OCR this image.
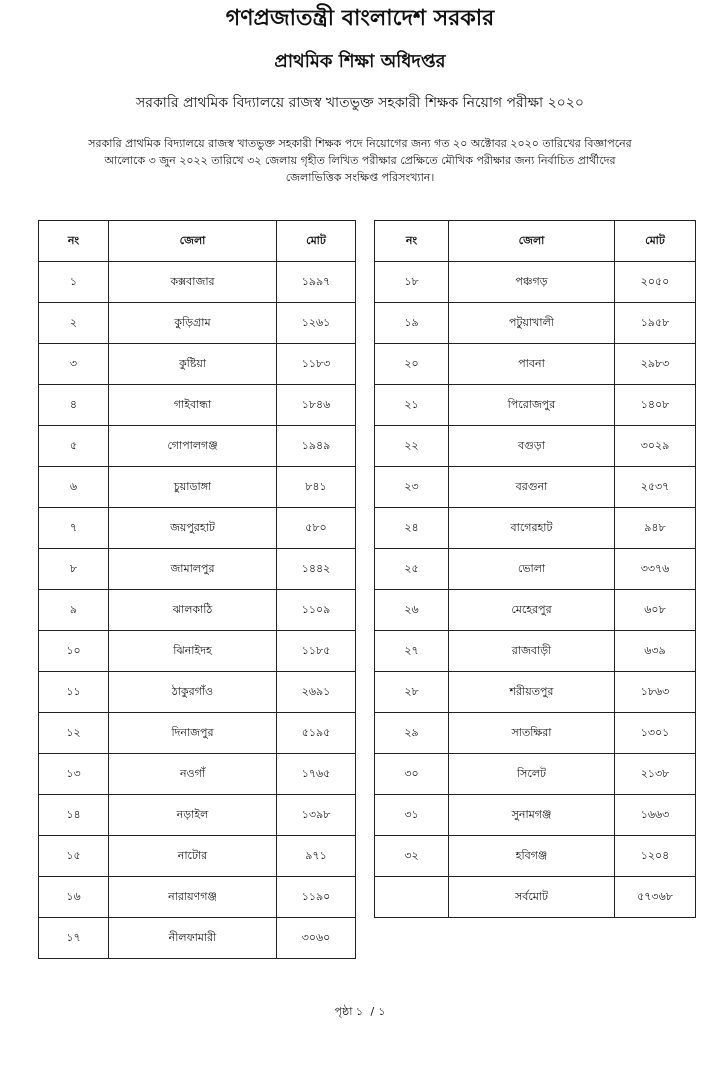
গণপ্রজাতন্ত্রী বাংলাদেশ সরকার
প্রাথমিক শিক্ষা অধিদপ্তর
সরকারি প্রাথমিক বিদ্যালয়ে রাজস্ব খাতভুক্ত সহকারী শিক্ষক নিয়োগ পরীক্ষা ২০২০
সরকারি প্রাথমিক বিদ্যালয়ে রাজস্ব খাতভুক্ত সহকারী শিক্ষক পদে নিয়োগের জন্য গত ২০ অক্টোবর ২০২০ তারিখের বিজ্ঞাপনের
আলোকে ৩ জুন ২০২২ তারিখে ৩২ জেলায় গৃহীত লিখিত পরীক্ষার প্রেক্ষিতে মৌখিক পরীক্ষার জন্য নির্বাচিত প্রার্থীদের
জেলাভিত্তিক সংক্ষিপ্ত পরিসংখ্যান।
নং	জেলা	মোট
১	কক্সবাজার	১৯৯৭
২	কুড়িগ্রাম	১২৬১
৩	কুষ্টিয়া	১১৮৩
৪	গাইবান্ধা	১৮৪৬
৫	গোপালগঞ্জ	১৯৪৯
৬	চুয়াডাঙ্গা	৮৪১
৭	জয়পুরহাট	৫৮০
৮	জামালপুর	১৪৪২
৯	ঝালকাঠি	১১০৯
১০	ঝিনাইদহ	১১৮৫
১১	ঠাকুরগাঁও	২৬৯১
১২	দিনাজপুর	৫১৯৫
১৩	নওগাঁ	১৭৬৫
১৪	নড়াইল	১৩৯৮
১৫	নাটোর	৯৭১
১৬	নারায়ণগঞ্জ	১১৯০
১৭	নীলফামারী	৩০৬০
নং	জেলা	মোট
১৮	পঞ্চগড়	২০৫০
১৯	পটুয়াখালী	১৯৫৮
২০	পাবনা	২৯৮৩
২১	পিরোজপুর	১৪০৮
২২	বগুড়া	৩০২৯
২৩	বরগুনা	২৫৩৭
২৪	বাগেরহাট	৯৪৮
২৫	ভোলা	৩৩৭৬
২৬	মেহেরপুর	৬০৮
২৭	রাজবাড়ী	৬৩৯
২৮	শরীয়তপুর	১৮৬৩
২৯	সাতক্ষিরা	১৩০১
৩০	সিলেট	২১৩৮
৩১	সুনামগঞ্জ	১৬৬৩
৩২	হবিগঞ্জ	১২০৪
	সর্বমোট	৫৭৩৬৮
পৃষ্ঠা ১ / ১
